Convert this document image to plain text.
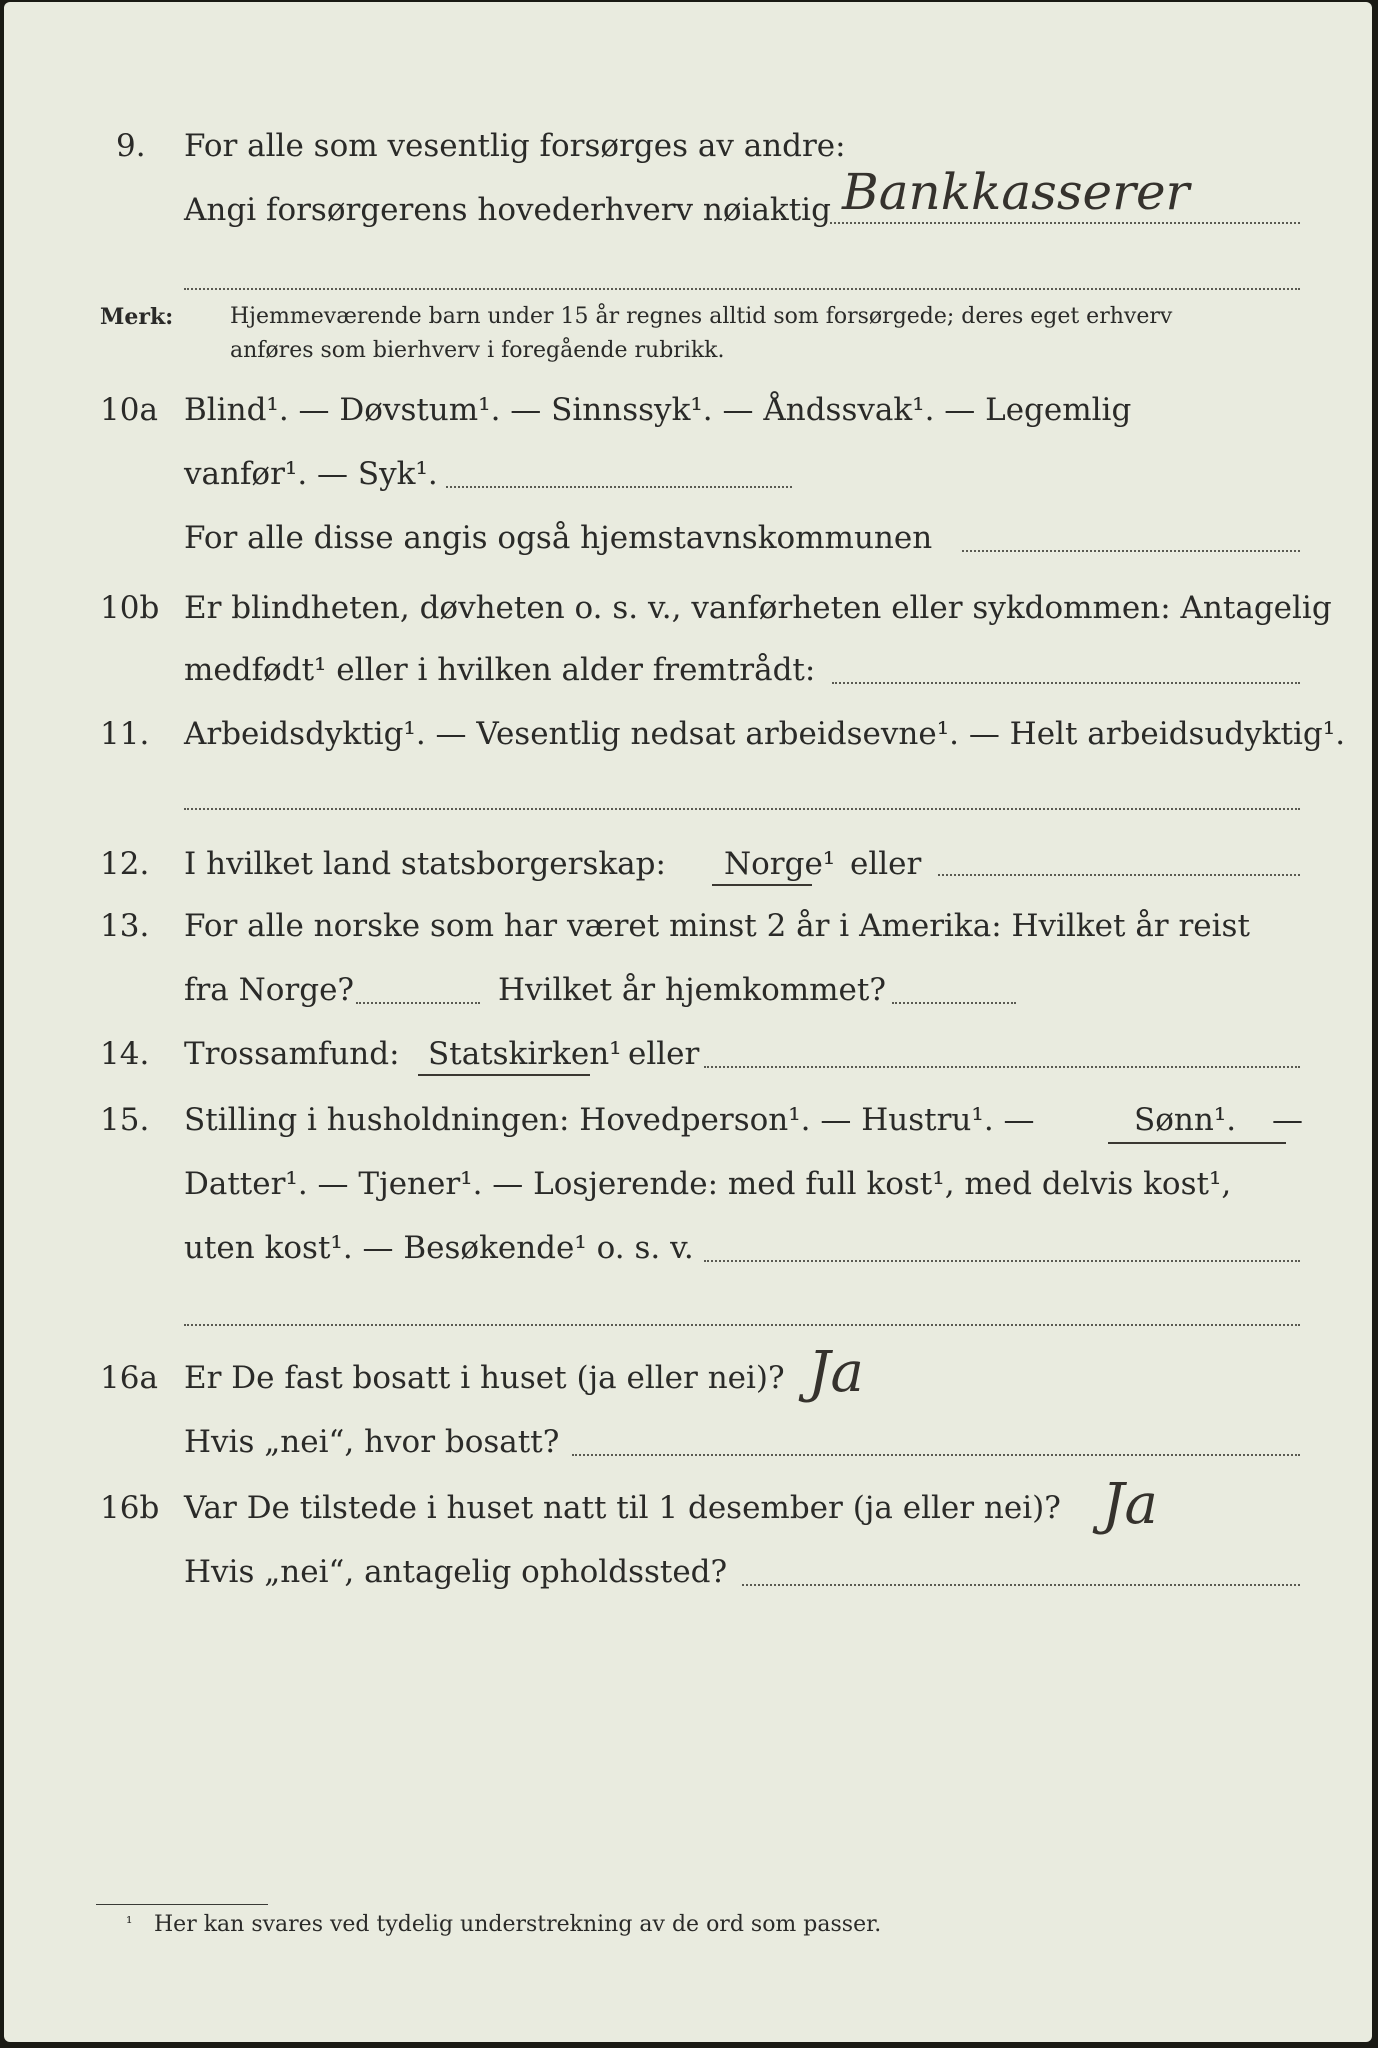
9. For alle som vesentlig forsørges av andre:
Angi forsørgerens hovederhverv nøiaktig Bankkasserer
Merk:	Hjemmeværende barn under 15 år regnes alltid som forsørgede; deres eget erhverv
anføres som bierhverv i foregående rubrikk.
10a Blind¹. — Døvstum¹. — Sinnssyk¹. — Åndssvak¹. — Legemlig
vanfør¹. — Syk¹.
For alle disse angis også hjemstavnskommunen
10b Er blindheten, døvheten o. s. v., vanførheten eller sykdommen: Antagelig
medfødt¹ eller i hvilken alder fremtrådt:
11. Arbeidsdyktig¹. — Vesentlig nedsat arbeidsevne¹. — Helt arbeidsudyktig¹.
12. I hvilket land statsborgerskap: Norge¹ eller
13. For alle norske som har været minst 2 år i Amerika: Hvilket år reist
fra Norge?	Hvilket år hjemkommet?
14. Trossamfund: Statskirken¹ eller
15. Stilling i husholdningen: Hovedperson¹. — Hustru¹. —	Sønn¹. —
Datter¹. — Tjener¹. — Losjerende: med full kost¹, med delvis kost¹,
uten kost¹. — Besøkende¹ o. s. v.
16a Er De fast bosatt i huset (ja eller nei)? Ja
Hvis „nei“, hvor bosatt?
16b Var De tilstede i huset natt til 1 desember (ja eller nei)? Ja
Hvis „nei“, antagelig opholdssted?
¹ Her kan svares ved tydelig understrekning av de ord som passer.
